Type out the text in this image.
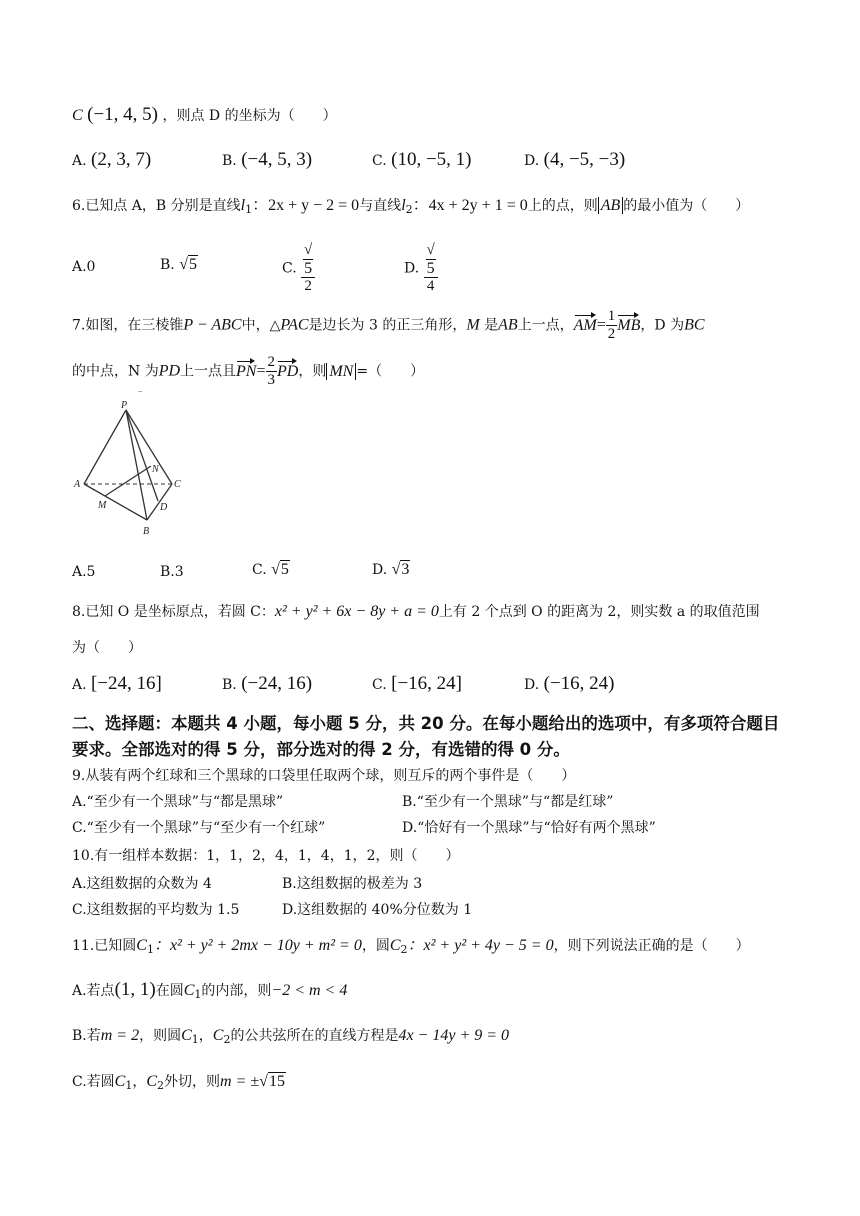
C (−1, 4, 5) ，则点 D 的坐标为（　　）
A. (2, 3, 7)	B. (−4, 5, 3)	C. (10, −5, 1)	D. (4, −5, −3)
6.已知点 A，B 分别是直线$l_1$：2x + y − 2 = 0与直线$l_2$：4x + 2y + 1 = 0上的点，则 AB 的最小值为（　　）
A.0	B. √5	C. √
5
2	D. √
5
4
7.如图，在三棱锥P − ABC中，△PAC是边长为 3 的正三角形，M 是AB上一点，$AM= \frac{1}{2}$ MB，D 为BC
的中点，N 为PD上一点且$PN= \frac{2}{3}$ PD，则 MN =（　　）
P
A
B
C
M
N
D
−
A.5	B.3	C. √5	D. √3
8.已知 O 是坐标原点，若圆 C：x² + y² + 6x − 8y + a = 0上有 2 个点到 O 的距离为 2，则实数 a 的取值范围
为（　　）
A. [−24, 16]	B. (−24, 16)	C. [−16, 24]	D. (−16, 24)
二、选择题：本题共 4 小题，每小题 5 分，共 20 分。在每小题给出的选项中，有多项符合题目
要求。全部选对的得 5 分，部分选对的得 2 分，有选错的得 0 分。
9.从装有两个红球和三个黑球的口袋里任取两个球，则互斥的两个事件是（　　）
A.“至少有一个黑球”与“都是黑球”	B.“至少有一个黑球”与“都是红球”
C.“至少有一个黑球”与“至少有一个红球”	D.“恰好有一个黑球”与“恰好有两个黑球”
10.有一组样本数据：1，1，2，4，1，4，1，2，则（　　）
A.这组数据的众数为 4	B.这组数据的极差为 3
C.这组数据的平均数为 1.5	D.这组数据的 40%分位数为 1
11.已知圆$C_1$：x² + y² + 2mx − 10y + m² = 0，圆$C_2$：x² + y² + 4y − 5 = 0，则下列说法正确的是（　　）
A.若点(1, 1)在圆$C_1$的内部，则−2 < m < 4
B.若m = 2，则圆$C_1$，$C_2$的公共弦所在的直线方程是4x − 14y + 9 = 0
C.若圆$C_1$，$C_2$外切，则m = ±√15
